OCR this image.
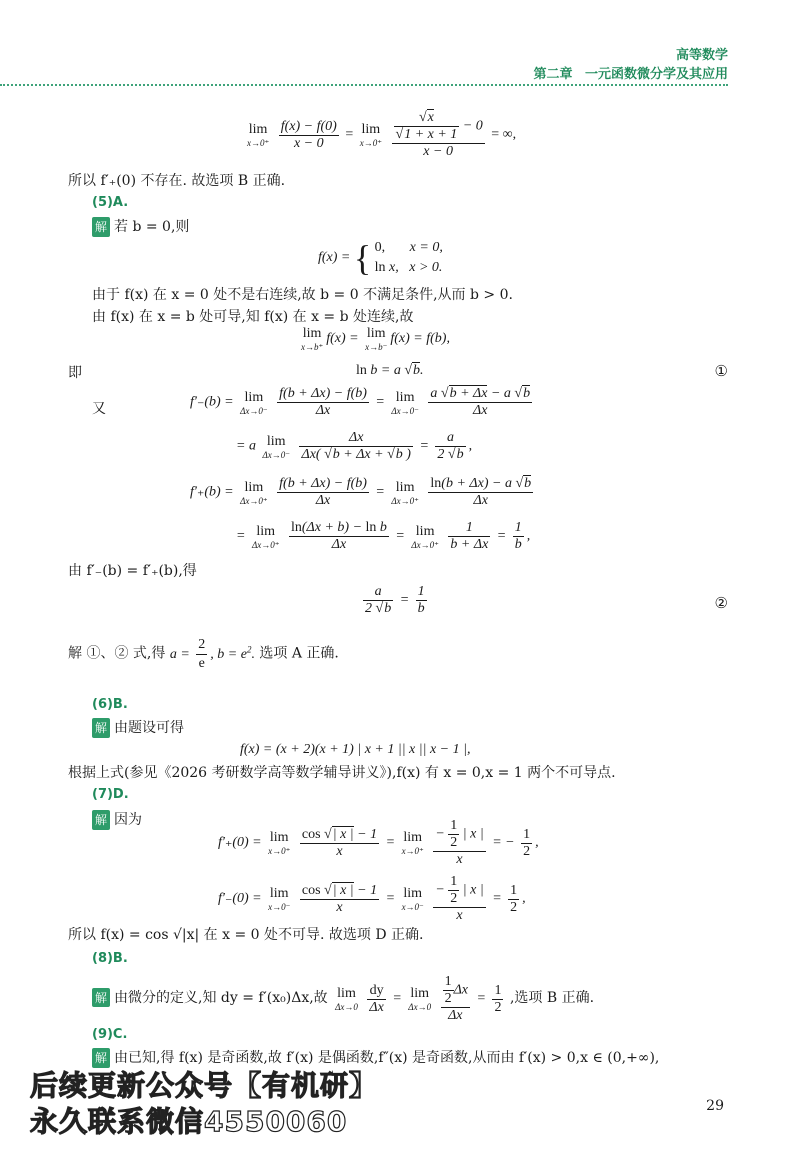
高等数学
第二章 一元函数微分学及其应用
lim
x→0⁺
$\frac{f(x) - f(0)}{x - 0} = \lim$
x→0⁺
$\frac{\frac{√x}{√1 + x + 1} - 0}{x - 0}$ = ∞,
所以 f′₊(0) 不存在. 故选项 B 正确.
(5)A.
解 若 b = 0,则
f(x) = { 0,       x = 0,
ln x,   x > 0.
由于 f(x) 在 x = 0 处不是右连续,故 b = 0 不满足条件,从而 b > 0.
由 f(x) 在 x = b 处可导,知 f(x) 在 x = b 处连续,故
lim
x→b⁺
f(x) = lim
x→b⁻
f(x) = f(b),
即	ln b = a √b.	①
又	f′₋(b) = lim
Δx→0⁻
$\frac{f(b + \Delta x) - f(b)}{\Delta x} = \lim$
Δx→0⁻
$\frac{a √b + \Delta x - a √b}{\Delta x}$
= a lim
Δx→0⁻
$\frac{\Delta x}{\Delta x( √b + \Delta x + √b )} = \frac{a}{2 √b}$ ,
f′₊(b) = lim
Δx→0⁺
$\frac{f(b + \Delta x) - f(b)}{\Delta x} = \lim$
Δx→0⁺
$\frac{\ln(b + \Delta x) - a √b}{\Delta x}$
= lim
Δx→0⁺
$\frac{\text{ln(Δx + b) − ln b}}{\Delta x} = \lim$
Δx→0⁺
$\frac{1}{b + \Delta x} = \frac{1}{b}$ ,
由 f′₋(b) = f′₊(b),得
$\frac{a}{2 √b} = \frac{1}{b}$	②
解 ①、② 式,得 $a = \frac{2}{e}$ , $b = e^2$. 选项 A 正确.
(6)B.
解 由题设可得
f(x) = (x + 2)(x + 1) | x + 1 || x || x − 1 |,
根据上式(参见《2026 考研数学高等数学辅导讲义》),f(x) 有 x = 0,x = 1 两个不可导点.
(7)D.
解 因为
f′₊(0) = lim
x→0⁺
$\frac{\cos √| x | - 1}{x} = \lim$
x→0⁺
$\frac{- \frac{1}{2} | x |}{x}$ = − $\frac{1}{2}$ ,
f′₋(0) = lim
x→0⁻
$\frac{\cos √| x | - 1}{x} = \lim$
x→0⁻
$\frac{- \frac{1}{2} | x |}{x} = \frac{1}{2}$ ,
所以 f(x) = cos √|x| 在 x = 0 处不可导. 故选项 D 正确.
(8)B.
解 由微分的定义,知 dy = f′(x₀)Δx,故 lim
Δx→0
$\frac{dy}{\Delta x} = \lim$
Δx→0
$\frac{\frac{1}{2} \Delta x}{\Delta x} = \frac{1}{2}$ ,选项 B 正确.
(9)C.
解 由已知,得 f(x) 是奇函数,故 f′(x) 是偶函数,f″(x) 是奇函数,从而由 f′(x) > 0,x ∈ (0,+∞),
29
后续更新公众号【有机研】
永久联系微信4550060
